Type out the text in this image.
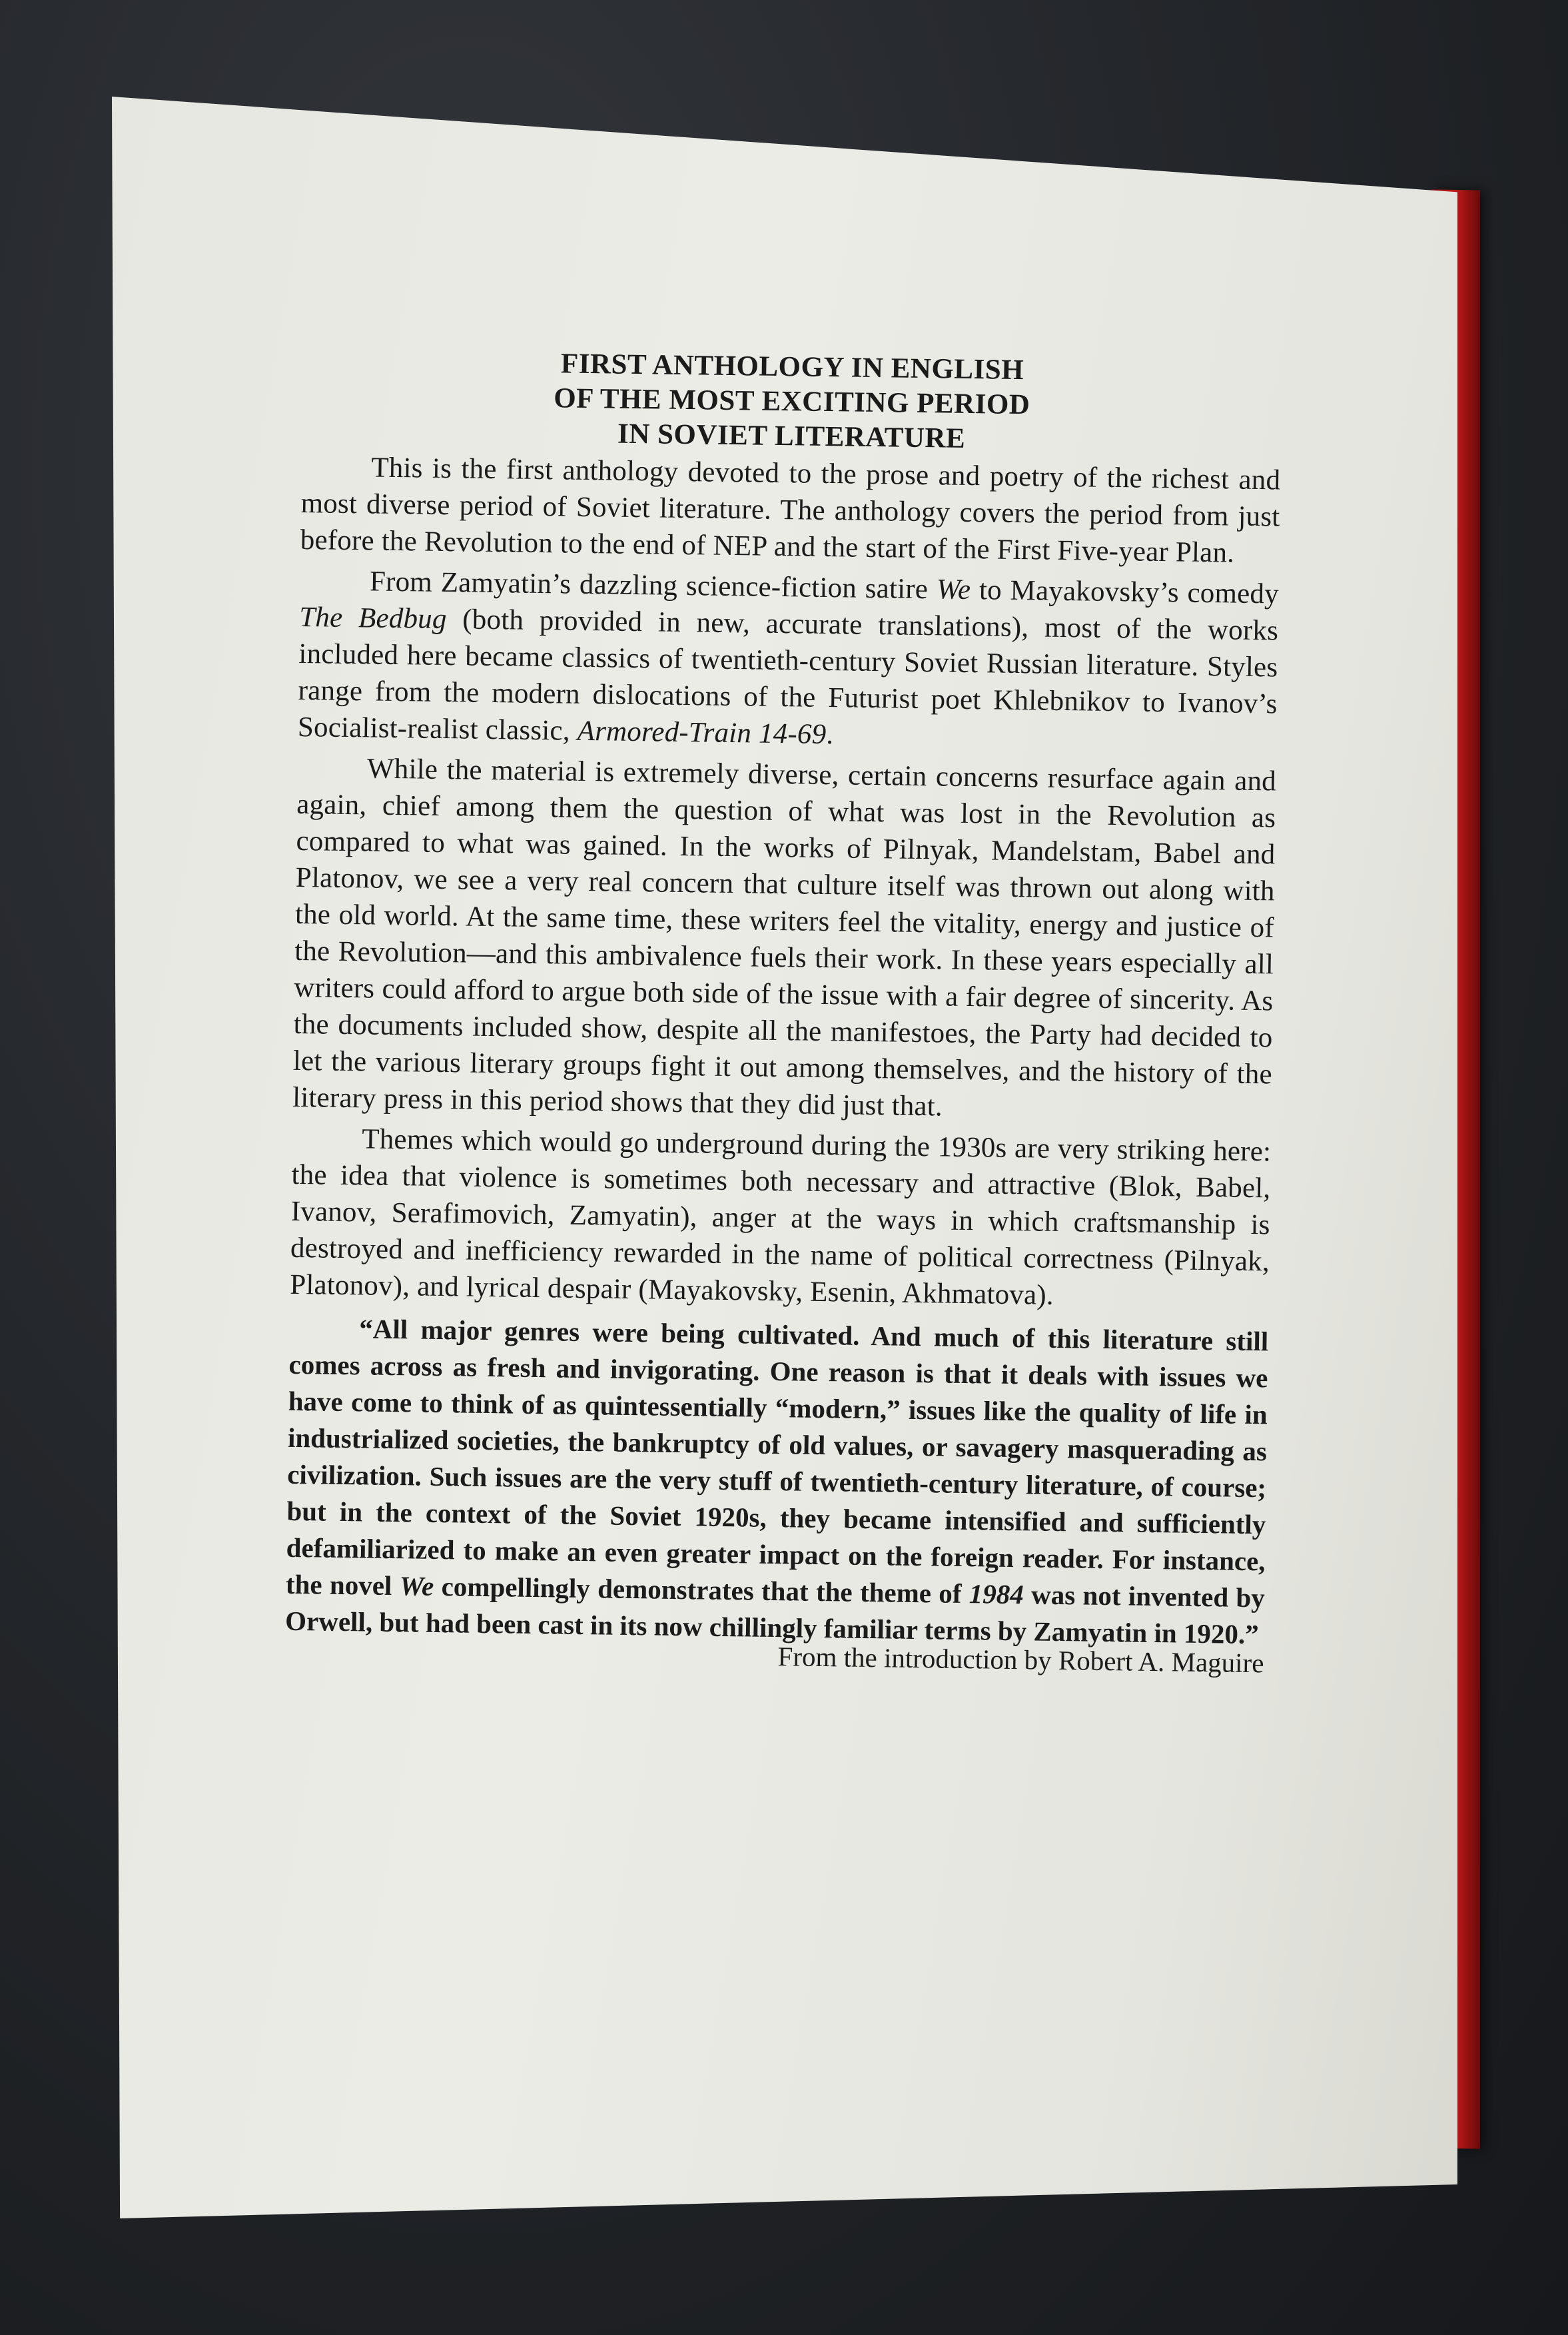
FIRST ANTHOLOGY IN ENGLISH
OF THE MOST EXCITING PERIOD
IN SOVIET LITERATURE

This is the first anthology devoted to the prose and poetry of the richest and most diverse period of Soviet literature. The anthology covers the period from just before the Revolution to the end of NEP and the start of the First Five-year Plan.

From Zamyatin’s dazzling science-fiction satire We to Mayakovsky’s comedy The Bedbug (both provided in new, accurate translations), most of the works included here became classics of twentieth-century Soviet Russian literature. Styles range from the modern dislocations of the Futurist poet Khlebnikov to Ivanov’s Socialist-realist classic, Armored-Train 14-69.

While the material is extremely diverse, certain concerns resurface again and again, chief among them the question of what was lost in the Revolution as compared to what was gained. In the works of Pilnyak, Mandelstam, Babel and Platonov, we see a very real concern that culture itself was thrown out along with the old world. At the same time, these writers feel the vitality, energy and justice of the Revolution—and this ambivalence fuels their work. In these years especially all writers could afford to argue both side of the issue with a fair degree of sincerity. As the documents included show, despite all the manifestoes, the Party had decided to let the various literary groups fight it out among themselves, and the history of the literary press in this period shows that they did just that.

Themes which would go underground during the 1930s are very striking here: the idea that violence is sometimes both necessary and attractive (Blok, Babel, Ivanov, Serafimovich, Zamyatin), anger at the ways in which craftsmanship is destroyed and inefficiency rewarded in the name of political correctness (Pilnyak, Platonov), and lyrical despair (Mayakovsky, Esenin, Akhmatova).

“All major genres were being cultivated. And much of this literature still comes across as fresh and invigorating. One reason is that it deals with issues we have come to think of as quintessentially “modern,” issues like the quality of life in industrialized societies, the bankruptcy of old values, or savagery masquerading as civilization. Such issues are the very stuff of twentieth-century literature, of course; but in the context of the Soviet 1920s, they became intensified and sufficiently defamiliarized to make an even greater impact on the foreign reader. For instance, the novel We compellingly demonstrates that the theme of 1984 was not invented by Orwell, but had been cast in its now chillingly familiar terms by Zamyatin in 1920.”

From the introduction by Robert A. Maguire
